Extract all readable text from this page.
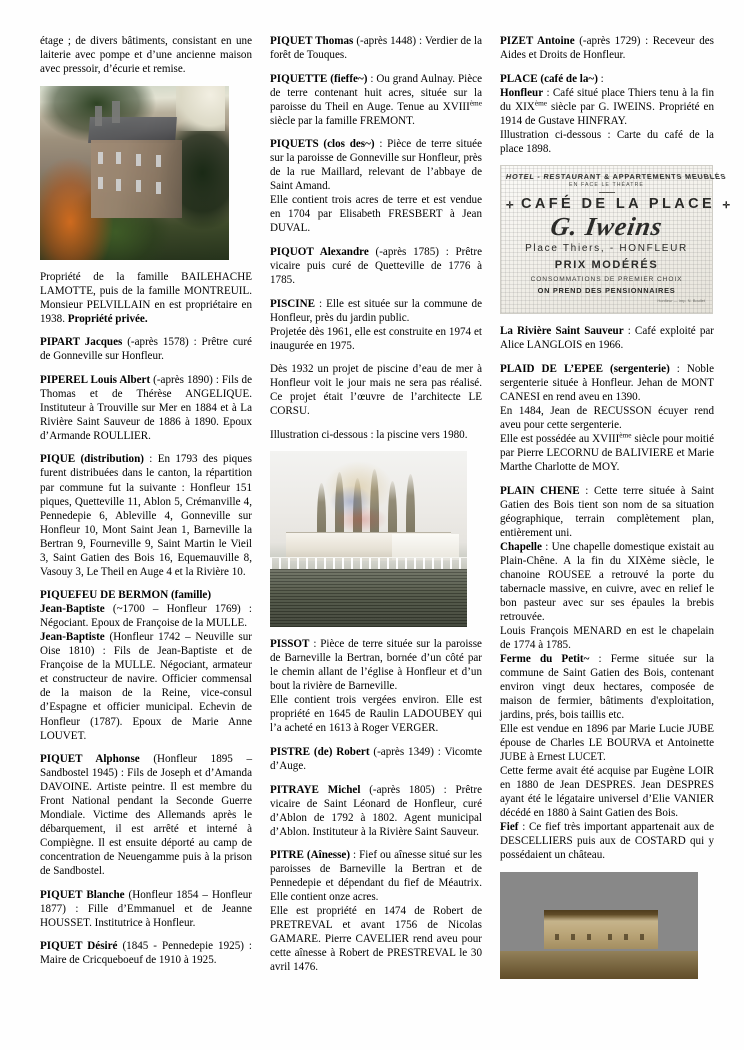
étage ; de divers bâtiments, consistant en une laiterie avec pompe et d’une ancienne maison avec pressoir, d’écurie et remise.

Propriété de la famille BAILEHACHE LAMOTTE, puis de la famille MONTREUIL. Monsieur PELVILLAIN en est propriétaire en 1938. Propriété privée.

PIPART Jacques (-après 1578) : Prêtre curé de Gonneville sur Honfleur.

PIPEREL Louis Albert (-après 1890) : Fils de Thomas et de Thérèse ANGELIQUE. Instituteur à Trouville sur Mer en 1884 et à La Rivière Saint Sauveur de 1886 à 1890. Epoux d’Armande ROULLIER.

PIQUE (distribution) : En 1793 des piques furent distribuées dans le canton, la répartition par commune fut la suivante : Honfleur 151 piques, Quetteville 11, Ablon 5, Crémanville 4, Pennedepie 6, Ableville 4, Gonneville sur Honfleur 10, Mont Saint Jean 1, Barneville la Bertran 9, Fourneville 9, Saint Martin le Vieil 3, Saint Gatien des Bois 16, Equemauville 8, Vasouy 3, Le Theil en Auge 4 et la Rivière 10.

PIQUEFEU DE BERMON (famille)

Jean-Baptiste (~1700 – Honfleur 1769) : Négociant. Epoux de Françoise de la MULLE.

Jean-Baptiste (Honfleur 1742 – Neuville sur Oise 1810) : Fils de Jean-Baptiste et de Françoise de la MULLE. Négociant, armateur et constructeur de navire. Officier commensal de la maison de la Reine, vice-consul d’Espagne et officier municipal. Echevin de Honfleur (1787). Epoux de Marie Anne LOUVET.

PIQUET Alphonse (Honfleur 1895 – Sandbostel 1945) : Fils de Joseph et d’Amanda DAVOINE. Artiste peintre. Il est membre du Front National pendant la Seconde Guerre Mondiale. Victime des Allemands après le débarquement, il est arrêté et interné à Compiègne. Il est ensuite déporté au camp de concentration de Neuengamme puis à la prison de Sandbostel.

PIQUET Blanche (Honfleur 1854 – Honfleur 1877) : Fille d’Emmanuel et de Jeanne HOUSSET. Institutrice à Honfleur.

PIQUET Désiré (1845 - Pennedepie 1925) : Maire de Cricqueboeuf de 1910 à 1925.

PIQUET Thomas (-après 1448) : Verdier de la forêt de Touques.

PIQUETTE (fieffe~) : Ou grand Aulnay. Pièce de terre contenant huit acres, située sur la paroisse du Theil en Auge. Tenue au XVIIIème siècle par la famille FREMONT.

PIQUETS (clos des~) : Pièce de terre située sur la paroisse de Gonneville sur Honfleur, près de la rue Maillard, relevant de l’abbaye de Saint Amand.

Elle contient trois acres de terre et est vendue en 1704 par Elisabeth FRESBERT à Jean DUVAL.

PIQUOT Alexandre (-après 1785) : Prêtre vicaire puis curé de Quetteville de 1776 à 1785.

PISCINE : Elle est située sur la commune de Honfleur, près du jardin public.

Projetée dès 1961, elle est construite en 1974 et inaugurée en 1975.

Dès 1932 un projet de piscine d’eau de mer à Honfleur voit le jour mais ne sera pas réalisé. Ce projet était l’œuvre de l’architecte LE CORSU.

Illustration ci-dessous : la piscine vers 1980.

PISSOT : Pièce de terre située sur la paroisse de Barneville la Bertran, bornée d’un côté par le chemin allant de l’église à Honfleur et d’un bout la rivière de Barneville.

Elle contient trois vergées environ. Elle est propriété en 1645 de Raulin LADOUBEY qui l’a acheté en 1613 à Roger VERGER.

PISTRE (de) Robert (-après 1349) : Vicomte d’Auge.

PITRAYE Michel (-après 1805) : Prêtre vicaire de Saint Léonard de Honfleur, curé d’Ablon de 1792 à 1802. Agent municipal d’Ablon. Instituteur à la Rivière Saint Sauveur.

PITRE (Aînesse) : Fief ou aînesse situé sur les paroisses de Barneville la Bertran et de Pennedepie et dépendant du fief de Méautrix. Elle contient onze acres.

Elle est propriété en 1474 de Robert de PRETREVAL et avant 1756 de Nicolas GAMARE. Pierre CAVELIER rend aveu pour cette aînesse à Robert de PRESTREVAL le 30 avril 1476.

PIZET Antoine (-après 1729) : Receveur des Aides et Droits de Honfleur.

PLACE (café de la~) :

Honfleur : Café situé place Thiers tenu à la fin du XIXème siècle par G. IWEINS. Propriété en 1914 de Gustave HINFRAY.

Illustration ci-dessous : Carte du café de la place 1898.

HOTEL - RESTAURANT & APPARTEMENTS MEUBLÉS
EN FACE LE THÉATRE
✛ CAFÉ DE LA PLACE ✛
G. Iweins
Place Thiers, - HONFLEUR
PRIX MODÉRÉS
CONSOMMATIONS DE PREMIER CHOIX
ON PREND DES PENSIONNAIRES
Honfleur — Imp. N. Boullet

La Rivière Saint Sauveur : Café exploité par Alice LANGLOIS en 1966.

PLAID DE L’EPEE (sergenterie) : Noble sergenterie située à Honfleur. Jehan de MONT CANESI en rend aveu en 1390.

En 1484, Jean de RECUSSON écuyer rend aveu pour cette sergenterie.

Elle est possédée au XVIIIème siècle pour moitié par Pierre LECORNU de BALIVIERE et Marie Marthe Charlotte de MOY.

PLAIN CHENE : Cette terre située à Saint Gatien des Bois tient son nom de sa situation géographique, terrain complètement plan, entièrement uni.

Chapelle : Une chapelle domestique existait au Plain-Chêne. A la fin du XIXème siècle, le chanoine ROUSEE a retrouvé la porte du tabernacle massive, en cuivre, avec en relief le bon pasteur avec sur ses épaules la brebis retrouvée.

Louis François MENARD en est le chapelain de 1774 à 1785.

Ferme du Petit~ : Ferme située sur la commune de Saint Gatien des Bois, contenant environ vingt deux hectares, composée de maison de fermier, bâtiments d'exploitation, jardins, prés, bois taillis etc.

Elle est vendue en 1896 par Marie Lucie JUBE épouse de Charles LE BOURVA et Antoinette JUBE à Ernest LUCET.

Cette ferme avait été acquise par Eugène LOIR en 1880 de Jean DESPRES. Jean DESPRES ayant été le légataire universel d’Elie VANIER décédé en 1880 à Saint Gatien des Bois.

Fief : Ce fief très important appartenait aux de DESCELLIERS puis aux de COSTARD qui y possédaient un château.
